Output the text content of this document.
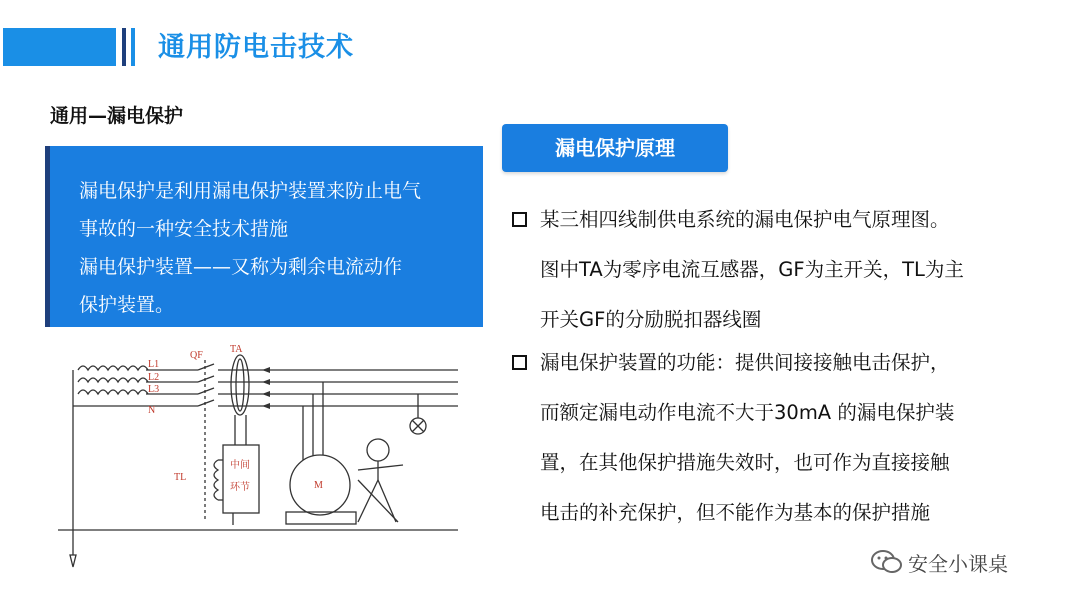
通用防电击技术
通用—漏电保护
漏电保护是利用漏电保护装置来防止电气
事故的一种安全技术措施
漏电保护装置——又称为剩余电流动作
保护装置。
漏电保护原理
某三相四线制供电系统的漏电保护电气原理图。
图中TA为零序电流互感器，GF为主开关，TL为主
开关GF的分励脱扣器线圈
漏电保护装置的功能：提供间接接触电击保护，
而额定漏电动作电流不大于30mA 的漏电保护装
置，在其他保护措施失效时，也可作为直接接触
电击的补充保护，但不能作为基本的保护措施
L1
L2
L3
N
QF
TA
TL
中间
环节	M
安全小课桌
